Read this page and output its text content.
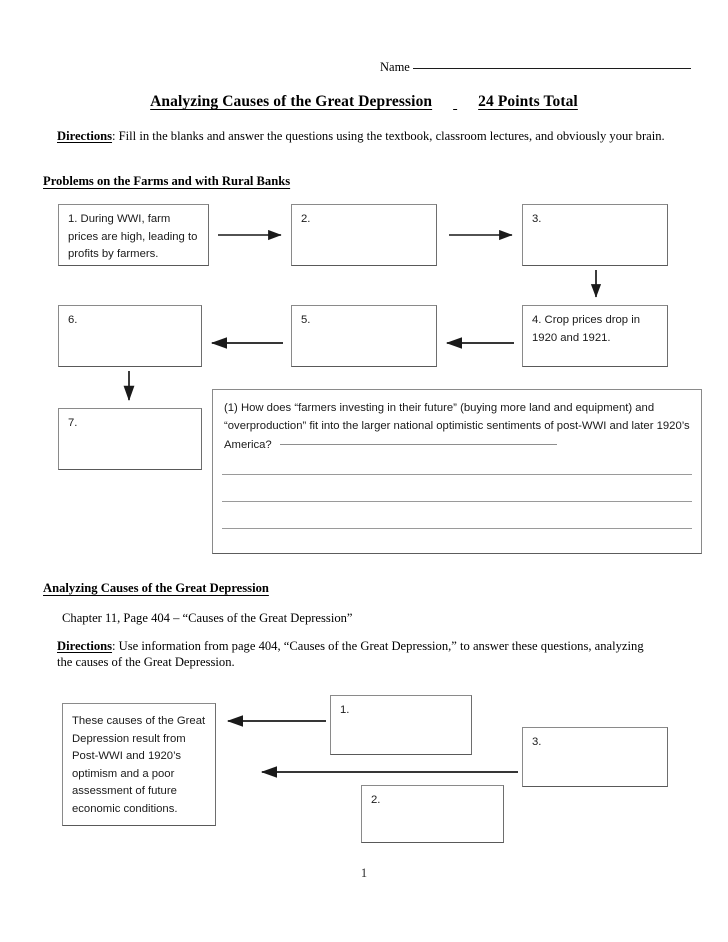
Name
Analyzing Causes of the Great Depression	24 Points Total
Directions: Fill in the blanks and answer the questions using the textbook, classroom lectures, and obviously your brain.
Problems on the Farms and with Rural Banks
1. During WWI, farm prices are high, leading to profits by farmers.
2.	3.
4. Crop prices drop in 1920 and 1921.
5.
6.
7.
(1) How does “farmers investing in their future” (buying more land and equipment) and “overproduction” fit into the larger national optimistic sentiments of post-WWI and later 1920’s America?
Analyzing Causes of the Great Depression
Chapter 11, Page 404 – “Causes of the Great Depression”
Directions: Use information from page 404, “Causes of the Great Depression,” to answer these questions, analyzing the causes of the Great Depression.
These causes of the Great Depression result from Post-WWI and 1920’s optimism and a poor assessment of future economic conditions.
1.
2.
3.
1
